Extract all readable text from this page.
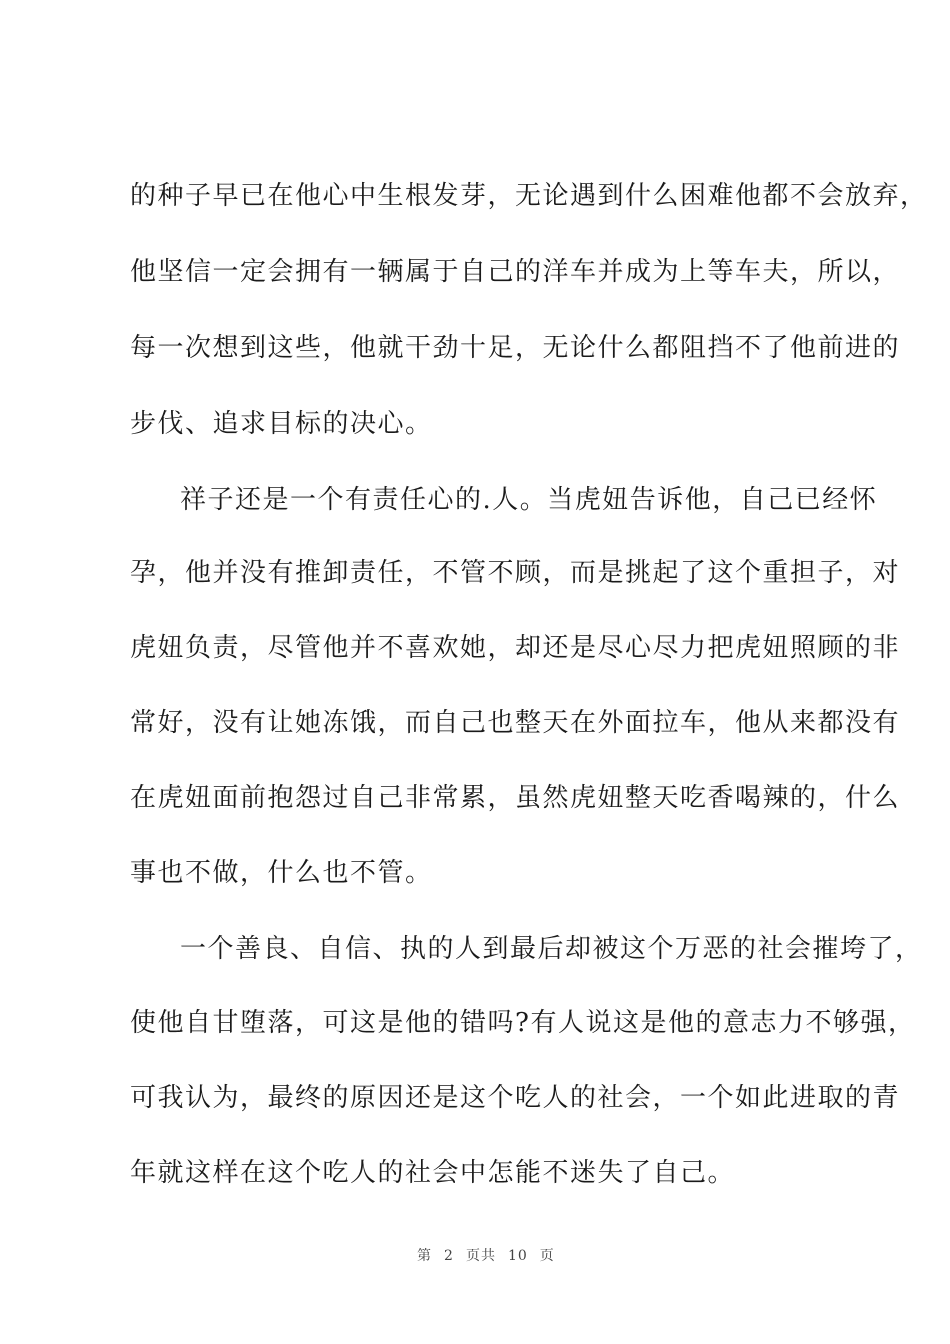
的种子早已在他心中生根发芽，无论遇到什么困难他都不会放弃，
他坚信一定会拥有一辆属于自己的洋车并成为上等车夫，所以，
每一次想到这些，他就干劲十足，无论什么都阻挡不了他前进的
步伐、追求目标的决心。
祥子还是一个有责任心的.人。当虎妞告诉他，自己已经怀
孕，他并没有推卸责任，不管不顾，而是挑起了这个重担子，对
虎妞负责，尽管他并不喜欢她，却还是尽心尽力把虎妞照顾的非
常好，没有让她冻饿，而自己也整天在外面拉车，他从来都没有
在虎妞面前抱怨过自己非常累，虽然虎妞整天吃香喝辣的，什么
事也不做，什么也不管。
一个善良、自信、执的人到最后却被这个万恶的社会摧垮了，
使他自甘堕落，可这是他的错吗?有人说这是他的意志力不够强，
可我认为，最终的原因还是这个吃人的社会，一个如此进取的青
年就这样在这个吃人的社会中怎能不迷失了自己。

第 2 页共 10 页
